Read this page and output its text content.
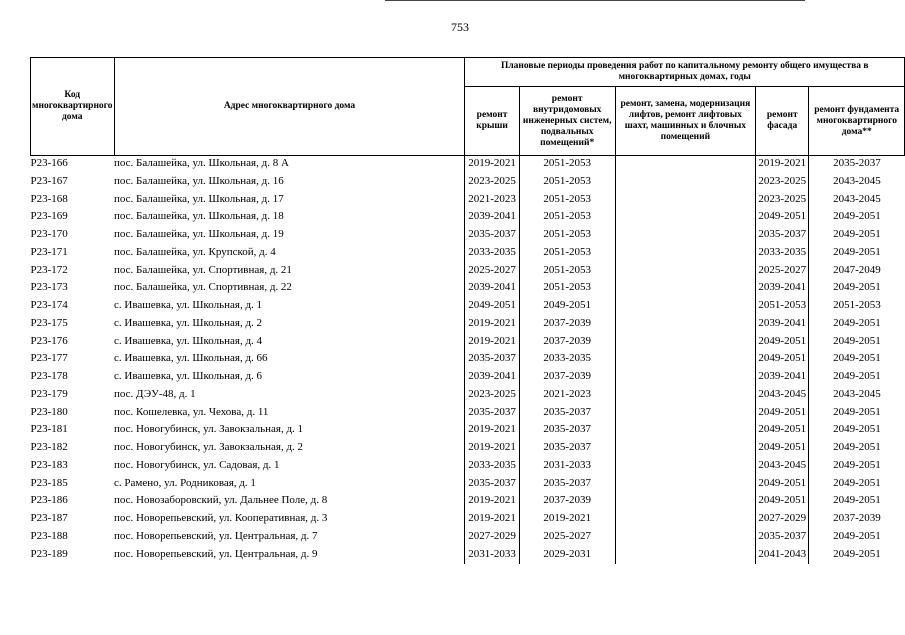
753
Код многоквартирного дома	Адрес многоквартирного дома	Плановые периоды проведения работ по капитальному ремонту общего имущества в многоквартирных домах, годы				
		ремонт крыши	ремонт внутридомовых инженерных систем, подвальных помещений*	ремонт, замена, модернизация лифтов, ремонт лифтовых шахт, машинных и блочных помещений	ремонт фасада	ремонт фундамента многоквартирного дома**
Р23-166	пос. Балашейка, ул. Школьная, д. 8 А	2019-2021	2051-2053		2019-2021	2035-2037
Р23-167	пос. Балашейка, ул. Школьная, д. 16	2023-2025	2051-2053		2023-2025	2043-2045
Р23-168	пос. Балашейка, ул. Школьная, д. 17	2021-2023	2051-2053		2023-2025	2043-2045
Р23-169	пос. Балашейка, ул. Школьная, д. 18	2039-2041	2051-2053		2049-2051	2049-2051
Р23-170	пос. Балашейка, ул. Школьная, д. 19	2035-2037	2051-2053		2035-2037	2049-2051
Р23-171	пос. Балашейка, ул. Крупской, д. 4	2033-2035	2051-2053		2033-2035	2049-2051
Р23-172	пос. Балашейка, ул. Спортивная, д. 21	2025-2027	2051-2053		2025-2027	2047-2049
Р23-173	пос. Балашейка, ул. Спортивная, д. 22	2039-2041	2051-2053		2039-2041	2049-2051
Р23-174	с. Ивашевка, ул. Школьная, д. 1	2049-2051	2049-2051		2051-2053	2051-2053
Р23-175	с. Ивашевка, ул. Школьная, д. 2	2019-2021	2037-2039		2039-2041	2049-2051
Р23-176	с. Ивашевка, ул. Школьная, д. 4	2019-2021	2037-2039		2049-2051	2049-2051
Р23-177	с. Ивашевка, ул. Школьная, д. 66	2035-2037	2033-2035		2049-2051	2049-2051
Р23-178	с. Ивашевка, ул. Школьная, д. 6	2039-2041	2037-2039		2039-2041	2049-2051
Р23-179	пос. ДЭУ-48, д. 1	2023-2025	2021-2023		2043-2045	2043-2045
Р23-180	пос. Кошелевка, ул. Чехова, д. 11	2035-2037	2035-2037		2049-2051	2049-2051
Р23-181	пос. Новогубинск, ул. Завокзальная, д. 1	2019-2021	2035-2037		2049-2051	2049-2051
Р23-182	пос. Новогубинск, ул. Завокзальная, д. 2	2019-2021	2035-2037		2049-2051	2049-2051
Р23-183	пос. Новогубинск, ул. Садовая, д. 1	2033-2035	2031-2033		2043-2045	2049-2051
Р23-185	с. Рамено, ул. Родниковая, д. 1	2035-2037	2035-2037		2049-2051	2049-2051
Р23-186	пос. Новозаборовский, ул. Дальнее Поле, д. 8	2019-2021	2037-2039		2049-2051	2049-2051
Р23-187	пос. Новорепьевский, ул. Кооперативная, д. 3	2019-2021	2019-2021		2027-2029	2037-2039
Р23-188	пос. Новорепьевский, ул. Центральная, д. 7	2027-2029	2025-2027		2035-2037	2049-2051
Р23-189	пос. Новорепьевский, ул. Центральная, д. 9	2031-2033	2029-2031		2041-2043	2049-2051
